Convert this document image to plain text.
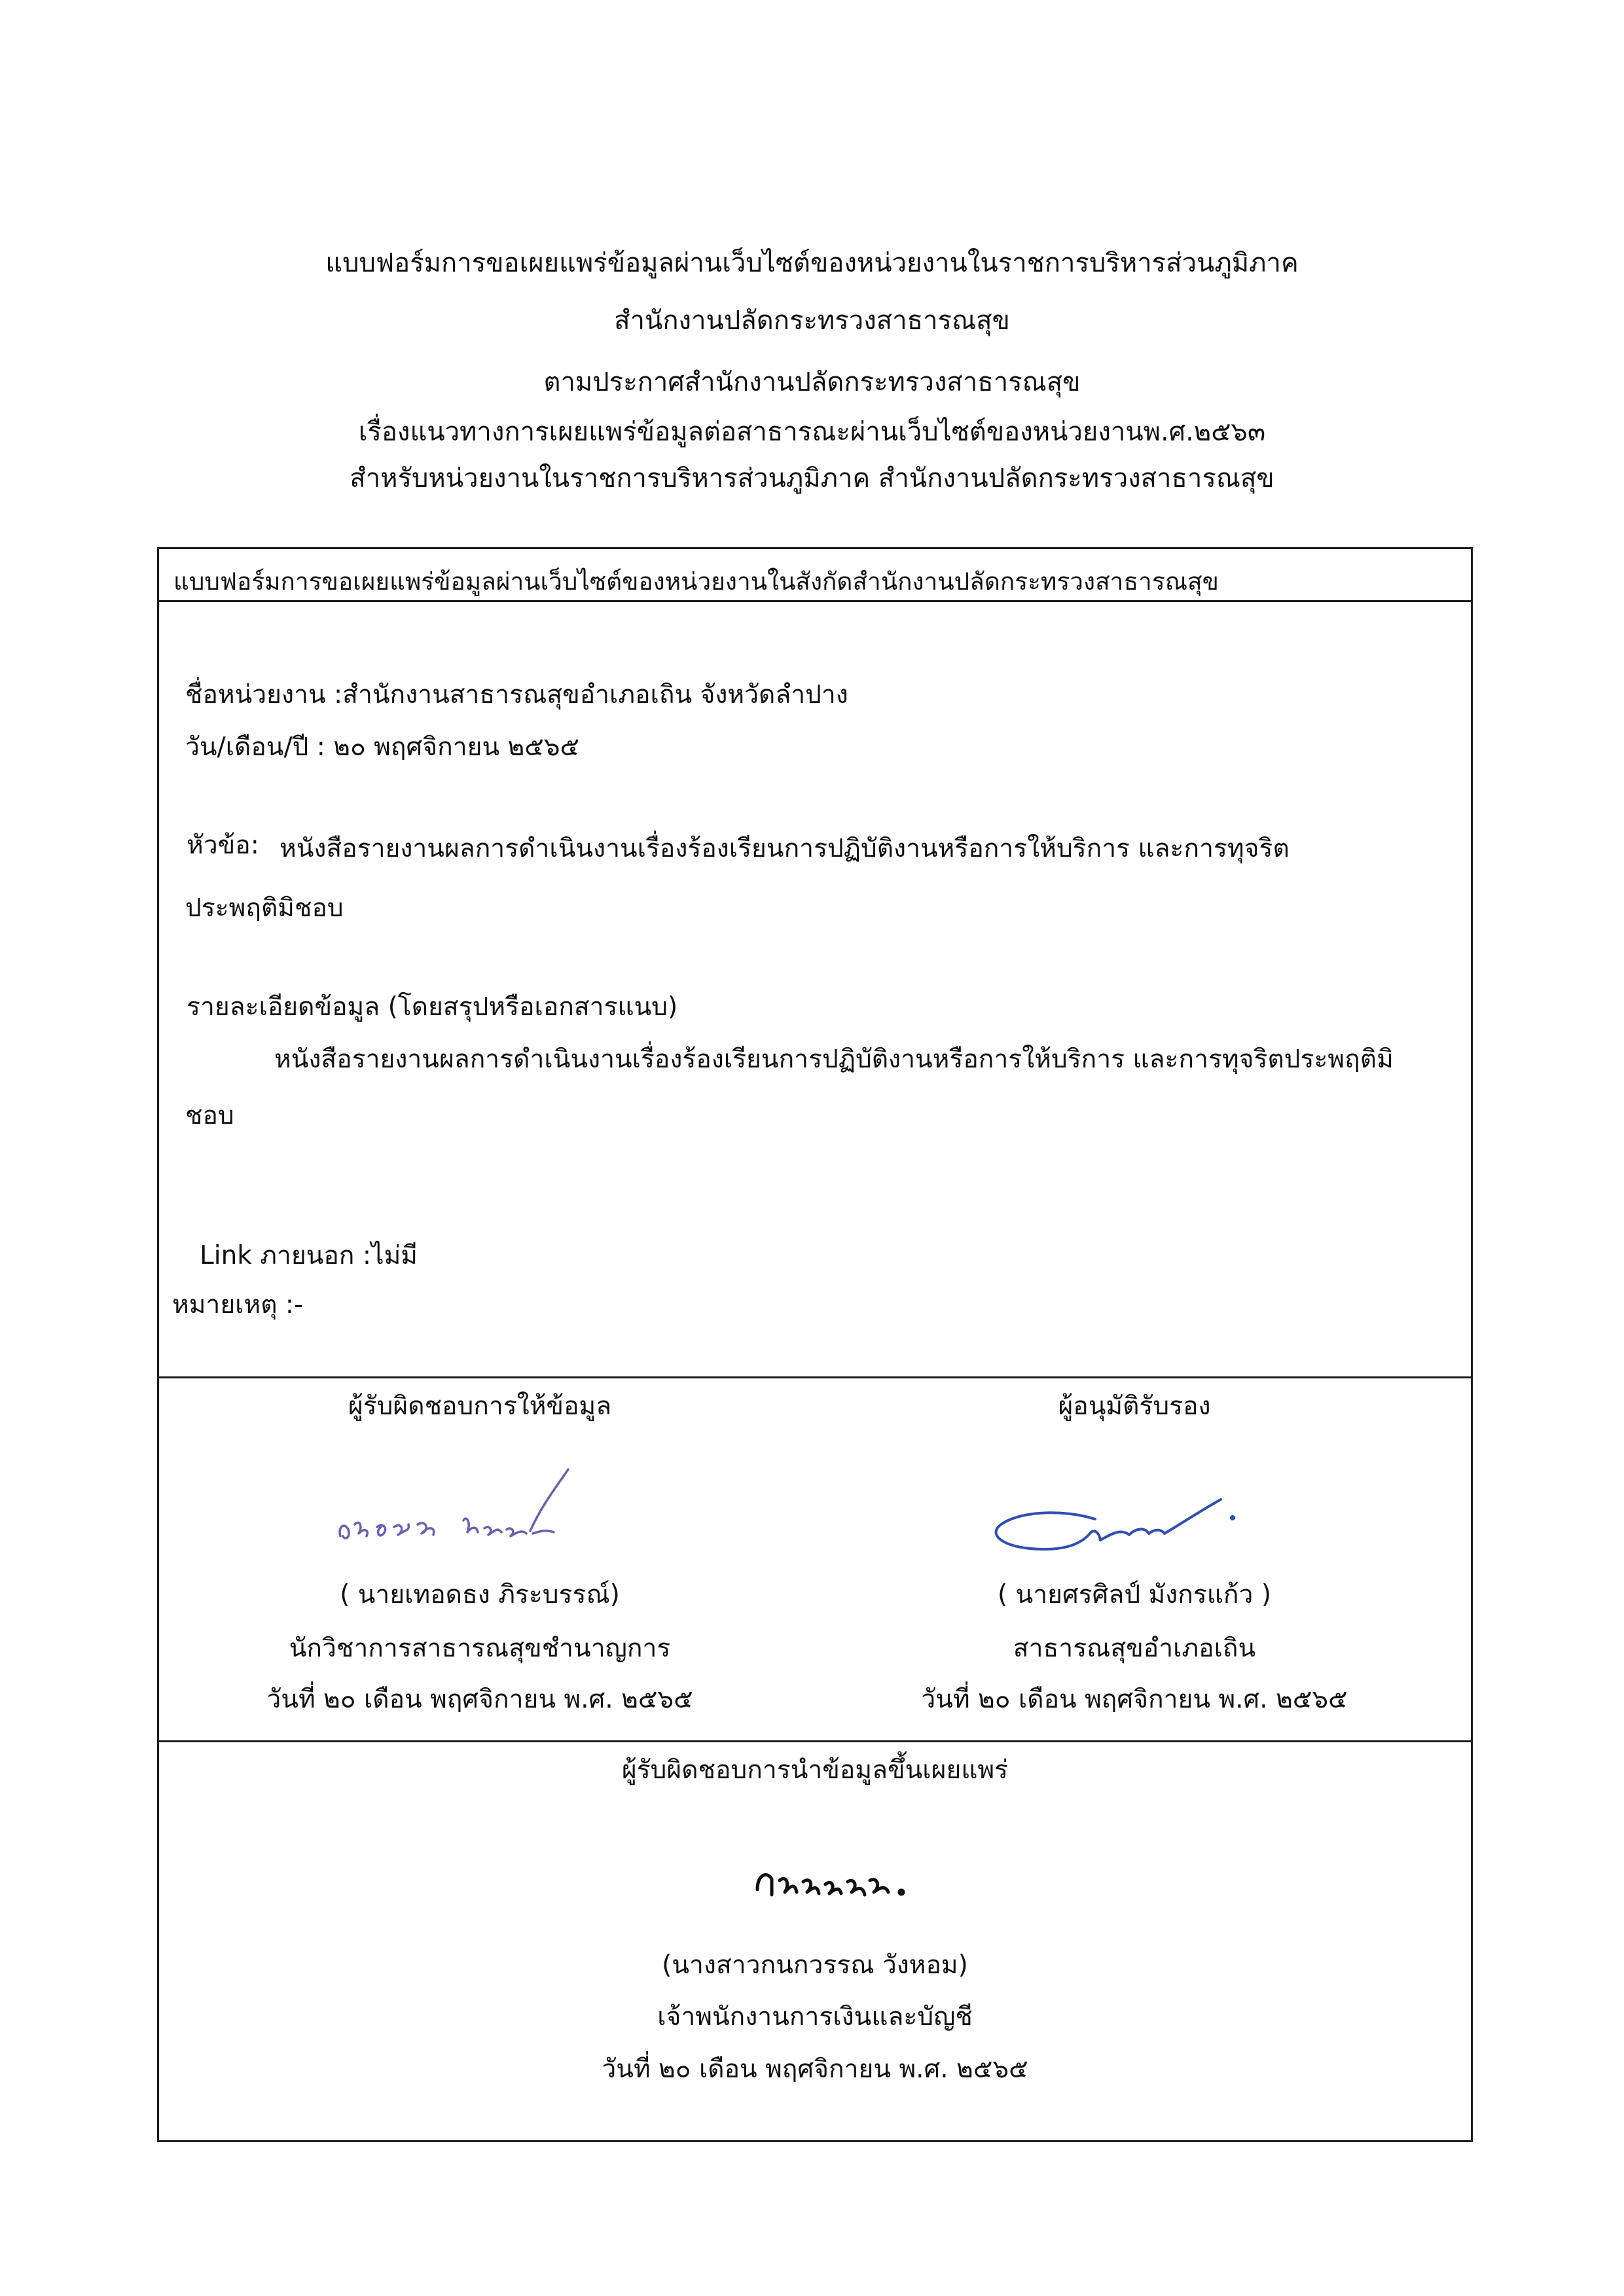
แบบฟอร์มการขอเผยแพร่ข้อมูลผ่านเว็บไซต์ของหน่วยงานในราชการบริหารส่วนภูมิภาค
สำนักงานปลัดกระทรวงสาธารณสุข
ตามประกาศสำนักงานปลัดกระทรวงสาธารณสุข
เรื่องแนวทางการเผยแพร่ข้อมูลต่อสาธารณะผ่านเว็บไซต์ของหน่วยงานพ.ศ.๒๕๖๓
สำหรับหน่วยงานในราชการบริหารส่วนภูมิภาค สำนักงานปลัดกระทรวงสาธารณสุข
แบบฟอร์มการขอเผยแพร่ข้อมูลผ่านเว็บไซต์ของหน่วยงานในสังกัดสำนักงานปลัดกระทรวงสาธารณสุข
ชื่อหน่วยงาน :สำนักงานสาธารณสุขอำเภอเถิน จังหวัดลำปาง
วัน/เดือน/ปี : ๒๐ พฤศจิกายน ๒๕๖๕
หัวข้อ: หนังสือรายงานผลการดำเนินงานเรื่องร้องเรียนการปฏิบัติงานหรือการให้บริการ และการทุจริต
ประพฤติมิชอบ
รายละเอียดข้อมูล (โดยสรุปหรือเอกสารแนบ)
หนังสือรายงานผลการดำเนินงานเรื่องร้องเรียนการปฏิบัติงานหรือการให้บริการ และการทุจริตประพฤติมิ
ชอบ
Link ภายนอก :ไม่มี
หมายเหตุ :-
ผู้รับผิดชอบการให้ข้อมูล
( นายเทอดธง ภิระบรรณ์)
นักวิชาการสาธารณสุขชำนาญการ
วันที่ ๒๐ เดือน พฤศจิกายน พ.ศ. ๒๕๖๕
ผู้อนุมัติรับรอง
( นายศรศิลป์ มังกรแก้ว )
สาธารณสุขอำเภอเถิน
วันที่ ๒๐ เดือน พฤศจิกายน พ.ศ. ๒๕๖๕
ผู้รับผิดชอบการนำข้อมูลขึ้นเผยแพร่
(นางสาวกนกวรรณ วังหอม)
เจ้าพนักงานการเงินและบัญชี
วันที่ ๒๐ เดือน พฤศจิกายน พ.ศ. ๒๕๖๕
